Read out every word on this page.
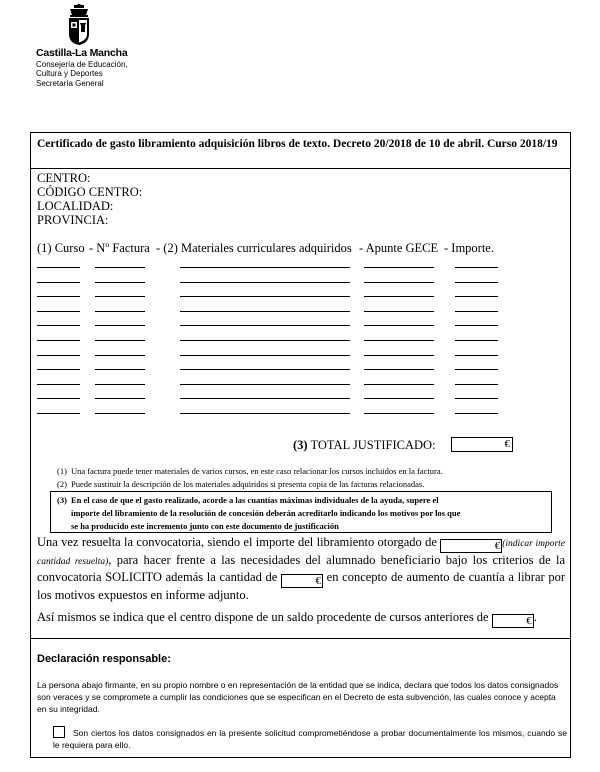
Castilla-La Mancha
Consejería de Educación,
Cultura y Deportes
Secretaría General
Certificado de gasto libramiento adquisición libros de texto. Decreto 20/2018 de 10 de abril. Curso 2018/19
CENTRO:
CÓDIGO CENTRO:
LOCALIDAD:
PROVINCIA:
(1) Curso - Nº Factura - (2) Materiales curriculares adquiridos - Apunte GECE - Importe.
(3) TOTAL JUSTIFICADO:	€
(1) Una factura puede tener materiales de varios cursos, en este caso relacionar los cursos incluidos en la factura.
(2) Puede sustituir la descripción de los materiales adquiridos si presenta copia de las facturas relacionadas.
(3) En el caso de que el gasto realizado, acorde a las cuantías máximas individuales de la ayuda, supere el
importe del libramiento de la resolución de concesión deberán acreditarlo indicando los motivos por los que
se ha producido este incremento junto con este documento de justificación
Una vez resuelta la convocatoria, siendo el importe del libramiento otorgado de	€ (indicar importe cantidad resuelta), para hacer frente a las necesidades del alumnado beneficiario bajo los criterios de la convocatoria SOLICITO además la cantidad de	€ en concepto de aumento de cuantía a librar por los motivos expuestos en informe adjunto.
Así mismos se indica que el centro dispone de un saldo procedente de cursos anteriores de	€ .
Declaración responsable:
La persona abajo firmante, en su propio nombre o en representación de la entidad que se indica, declara que todos los datos consignados son veraces y se compromete a cumplir las condiciones que se especifican en el Decreto de esta subvención, las cuales conoce y acepta en su integridad.
Son ciertos los datos consignados en la presente solicitud comprometiéndose a probar documentalmente los mismos, cuando se le requiera para ello.
